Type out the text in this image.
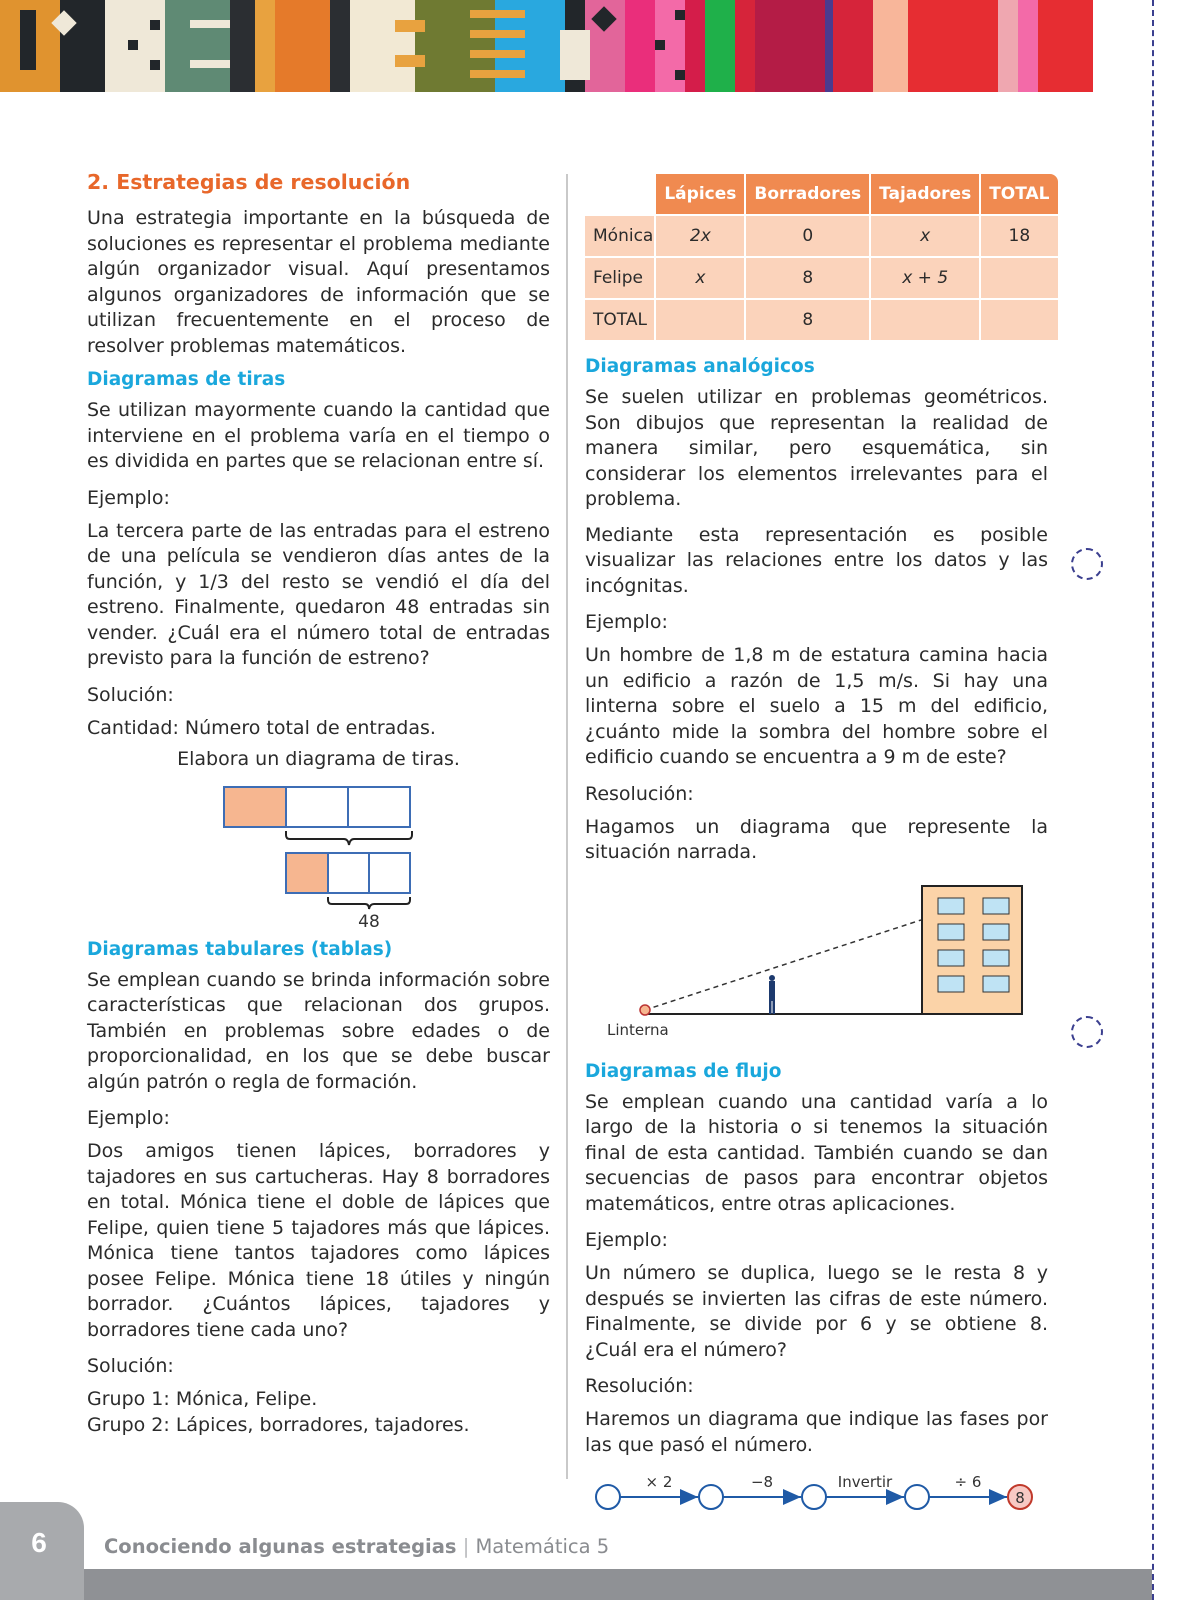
2. Estrategias de resolución

Una estrategia importante en la búsqueda de soluciones es representar el problema mediante algún organizador visual. Aquí presentamos algunos organizadores de información que se utilizan frecuentemente en el proceso de resolver problemas matemáticos.

Diagramas de tiras

Se utilizan mayormente cuando la cantidad que interviene en el problema varía en el tiempo o es dividida en partes que se relacionan entre sí.

Ejemplo:

La tercera parte de las entradas para el estreno de una película se vendieron días antes de la función, y 1/3 del resto se vendió el día del estreno. Finalmente, quedaron 48 entradas sin vender. ¿Cuál era el número total de entradas previsto para la función de estreno?

Solución:

Cantidad: Número total de entradas.

Elabora un diagrama de tiras.

48
Diagramas tabulares (tablas)

Se emplean cuando se brinda información sobre características que relacionan dos grupos. También en problemas sobre edades o de proporcionalidad, en los que se debe buscar algún patrón o regla de formación.

Ejemplo:

Dos amigos tienen lápices, borradores y tajadores en sus cartucheras. Hay 8 borradores en total. Mónica tiene el doble de lápices que Felipe, quien tiene 5 tajadores más que lápices. Mónica tiene tantos tajadores como lápices posee Felipe. Mónica tiene 18 útiles y ningún borrador. ¿Cuántos lápices, tajadores y borradores tiene cada uno?

Solución:

Grupo 1: Mónica, Felipe.

Grupo 2: Lápices, borradores, tajadores.

	Lápices	Borradores	Tajadores	TOTAL
Mónica	2x	0	x	18
Felipe	x	8	x + 5	
TOTAL		8		
Diagramas analógicos

Se suelen utilizar en problemas geométricos. Son dibujos que representan la realidad de manera similar, pero esquemática, sin considerar los elementos irrelevantes para el problema.

Mediante esta representación es posible visualizar las relaciones entre los datos y las incógnitas.

Ejemplo:

Un hombre de 1,8 m de estatura camina hacia un edificio a razón de 1,5 m/s. Si hay una linterna sobre el suelo a 15 m del edificio, ¿cuánto mide la sombra del hombre sobre el edificio cuando se encuentra a 9 m de este?

Resolución:

Hagamos un diagrama que represente la situación narrada.

Linterna
Diagramas de flujo

Se emplean cuando una cantidad varía a lo largo de la historia o si tenemos la situación final de esta cantidad. También cuando se dan secuencias de pasos para encontrar objetos matemáticos, entre otras aplicaciones.

Ejemplo:

Un número se duplica, luego se le resta 8 y después se invierten las cifras de este número. Finalmente, se divide por 6 y se obtiene 8. ¿Cuál era el número?

Resolución:

Haremos un diagrama que indique las fases por las que pasó el número.

× 2	−8	Invertir	÷ 6
8
6	Conociendo algunas estrategias | Matemática 5
